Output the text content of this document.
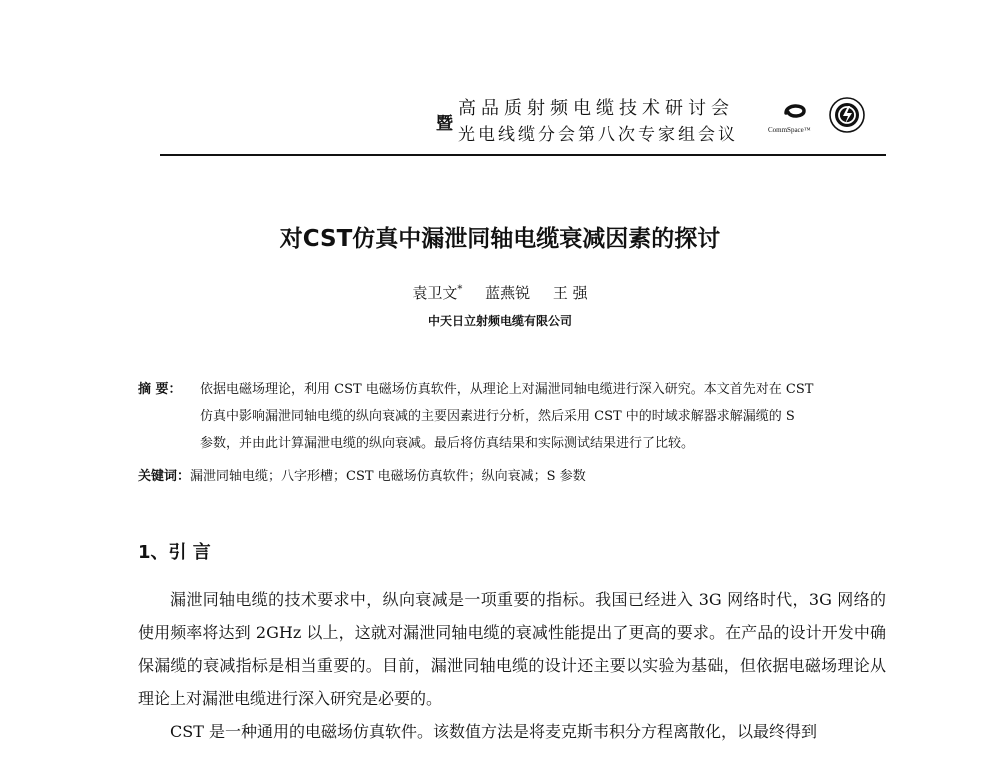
暨
高品质射频电缆技术研讨会
光电线缆分会第八次专家组会议	CommSpace™
对CST仿真中漏泄同轴电缆衰减因素的探讨
袁卫文* 蓝燕锐 王 强
中天日立射频电缆有限公司
摘 要： 依据电磁场理论，利用 CST 电磁场仿真软件，从理论上对漏泄同轴电缆进行深入研究。本文首先对在 CST
仿真中影响漏泄同轴电缆的纵向衰减的主要因素进行分析，然后采用 CST 中的时域求解器求解漏缆的 S
参数，并由此计算漏泄电缆的纵向衰减。最后将仿真结果和实际测试结果进行了比较。
关键词：漏泄同轴电缆；八字形槽；CST 电磁场仿真软件；纵向衰减；S 参数
1、引 言
漏泄同轴电缆的技术要求中，纵向衰减是一项重要的指标。我国已经进入 3G 网络时代，3G 网络的使用频率将达到 2GHz 以上，这就对漏泄同轴电缆的衰减性能提出了更高的要求。在产品的设计开发中确保漏缆的衰减指标是相当重要的。目前，漏泄同轴电缆的设计还主要以实验为基础，但依据电磁场理论从理论上对漏泄电缆进行深入研究是必要的。
CST 是一种通用的电磁场仿真软件。该数值方法是将麦克斯韦积分方程离散化，以最终得到
